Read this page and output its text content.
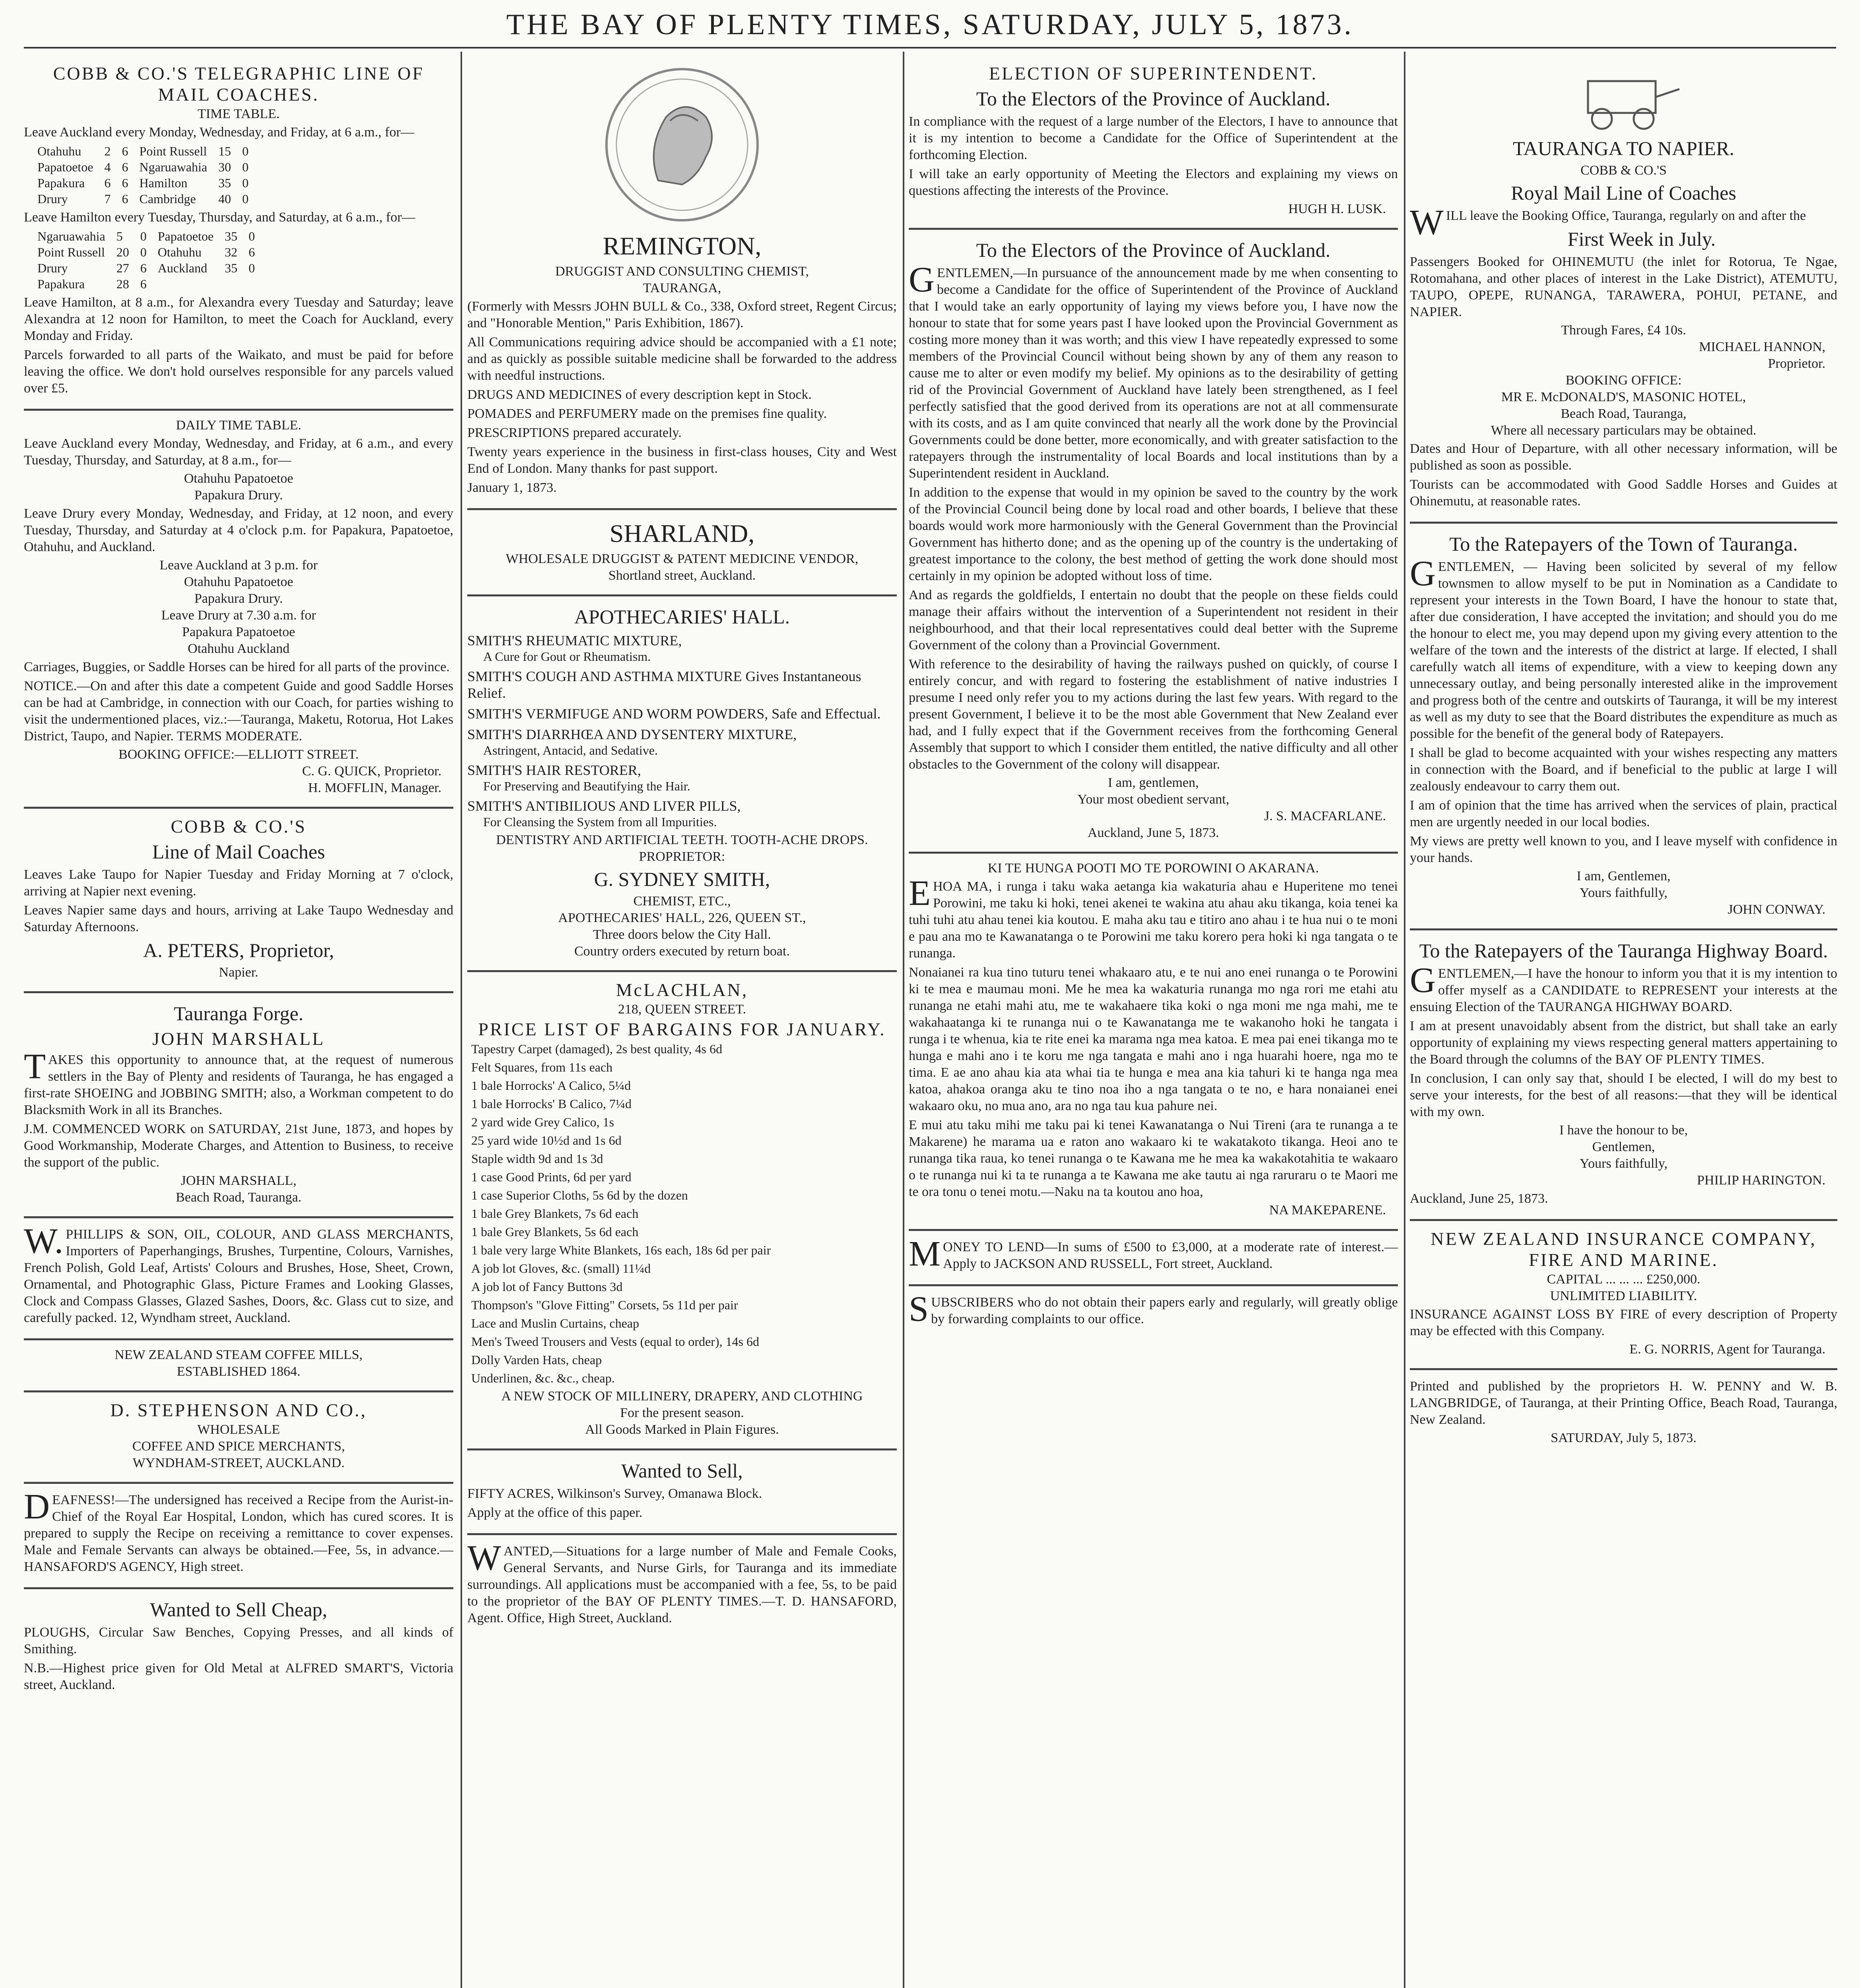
THE BAY OF PLENTY TIMES, SATURDAY, JULY 5, 1873.
COBB & CO.'S TELEGRAPHIC LINE OF MAIL COACHES.
TIME TABLE.

Leave Auckland every Monday, Wednesday, and Friday, at 6 a.m., for—

Otahuhu	2	6	Point Russell	15	0
Papatoetoe	4	6	Ngaruawahia	30	0
Papakura	6	6	Hamilton	35	0
Drury	7	6	Cambridge	40	0

Leave Hamilton every Tuesday, Thursday, and Saturday, at 6 a.m., for—

Ngaruawahia	5	0	Papatoetoe	35	0
Point Russell	20	0	Otahuhu	32	6
Drury	27	6	Auckland	35	0
Papakura	28	6			

Leave Hamilton, at 8 a.m., for Alexandra every Tuesday and Saturday; leave Alexandra at 12 noon for Hamilton, to meet the Coach for Auckland, every Monday and Friday.

Parcels forwarded to all parts of the Waikato, and must be paid for before leaving the office. We don't hold ourselves responsible for any parcels valued over £5.

DAILY TIME TABLE.

Leave Auckland every Monday, Wednesday, and Friday, at 6 a.m., and every Tuesday, Thursday, and Saturday, at 8 a.m., for—

Otahuhu Papatoetoe
Papakura Drury.

Leave Drury every Monday, Wednesday, and Friday, at 12 noon, and every Tuesday, Thursday, and Saturday at 4 o'clock p.m. for Papakura, Papatoetoe, Otahuhu, and Auckland.

Leave Auckland at 3 p.m. for
Otahuhu Papatoetoe
Papakura Drury.
Leave Drury at 7.30 a.m. for
Papakura Papatoetoe
Otahuhu Auckland

Carriages, Buggies, or Saddle Horses can be hired for all parts of the province.

NOTICE.—On and after this date a competent Guide and good Saddle Horses can be had at Cambridge, in connection with our Coach, for parties wishing to visit the undermentioned places, viz.:—Tauranga, Maketu, Rotorua, Hot Lakes District, Taupo, and Napier. TERMS MODERATE.

BOOKING OFFICE:—ELLIOTT STREET.
C. G. QUICK, Proprietor.
H. MOFFLIN, Manager.
COBB & CO.'S
Line of Mail Coaches

Leaves Lake Taupo for Napier Tuesday and Friday Morning at 7 o'clock, arriving at Napier next evening.

Leaves Napier same days and hours, arriving at Lake Taupo Wednesday and Saturday Afternoons.

A. PETERS, Proprietor,
Napier.
Tauranga Forge.
JOHN MARSHALL

TAKES this opportunity to announce that, at the request of numerous settlers in the Bay of Plenty and residents of Tauranga, he has engaged a first-rate SHOEING and JOBBING SMITH; also, a Workman competent to do Blacksmith Work in all its Branches.

J.M. COMMENCED WORK on SATURDAY, 21st June, 1873, and hopes by Good Workmanship, Moderate Charges, and Attention to Business, to receive the support of the public.

JOHN MARSHALL,
Beach Road, Tauranga.

W.PHILLIPS & SON, OIL, COLOUR, AND GLASS MERCHANTS, Importers of Paperhangings, Brushes, Turpentine, Colours, Varnishes, French Polish, Gold Leaf, Artists' Colours and Brushes, Hose, Sheet, Crown, Ornamental, and Photographic Glass, Picture Frames and Looking Glasses, Clock and Compass Glasses, Glazed Sashes, Doors, &c. Glass cut to size, and carefully packed. 12, Wyndham street, Auckland.

NEW ZEALAND STEAM COFFEE MILLS,
ESTABLISHED 1864.
D. STEPHENSON AND CO.,
WHOLESALE
COFFEE AND SPICE MERCHANTS,
WYNDHAM-STREET, AUCKLAND.

DEAFNESS!—The undersigned has received a Recipe from the Aurist-in-Chief of the Royal Ear Hospital, London, which has cured scores. It is prepared to supply the Recipe on receiving a remittance to cover expenses. Male and Female Servants can always be obtained.—Fee, 5s, in advance.—HANSAFORD'S AGENCY, High street.

Wanted to Sell Cheap,

PLOUGHS, Circular Saw Benches, Copying Presses, and all kinds of Smithing.

N.B.—Highest price given for Old Metal at ALFRED SMART'S, Victoria street, Auckland.

REMINGTON,
DRUGGIST AND CONSULTING CHEMIST,
TAURANGA,

(Formerly with Messrs JOHN BULL & Co., 338, Oxford street, Regent Circus; and "Honorable Mention," Paris Exhibition, 1867).

All Communications requiring advice should be accompanied with a £1 note; and as quickly as possible suitable medicine shall be forwarded to the address with needful instructions.

DRUGS AND MEDICINES of every description kept in Stock.

POMADES and PERFUMERY made on the premises fine quality.

PRESCRIPTIONS prepared accurately.

Twenty years experience in the business in first-class houses, City and West End of London. Many thanks for past support.

January 1, 1873.

SHARLAND,
WHOLESALE DRUGGIST & PATENT MEDICINE VENDOR,
Shortland street, Auckland.
APOTHECARIES' HALL.
SMITH'S RHEUMATIC MIXTURE,
A Cure for Gout or Rheumatism.
SMITH'S COUGH AND ASTHMA MIXTURE Gives Instantaneous Relief.
SMITH'S VERMIFUGE AND WORM POWDERS, Safe and Effectual.
SMITH'S DIARRHŒA AND DYSENTERY MIXTURE,
Astringent, Antacid, and Sedative.
SMITH'S HAIR RESTORER,
For Preserving and Beautifying the Hair.
SMITH'S ANTIBILIOUS AND LIVER PILLS,
For Cleansing the System from all Impurities.
DENTISTRY AND ARTIFICIAL TEETH. TOOTH-ACHE DROPS.
PROPRIETOR:
G. SYDNEY SMITH,
CHEMIST, ETC.,
APOTHECARIES' HALL, 226, QUEEN ST.,
Three doors below the City Hall.
Country orders executed by return boat.
McLACHLAN,
218, QUEEN STREET.
PRICE LIST OF BARGAINS FOR JANUARY.
Tapestry Carpet (damaged), 2s best quality, 4s 6d
Felt Squares, from 11s each
1 bale Horrocks' A Calico, 5¼d
1 bale Horrocks' B Calico, 7¼d
2 yard wide Grey Calico, 1s
25 yard wide 10½d and 1s 6d
Staple width 9d and 1s 3d
1 case Good Prints, 6d per yard
1 case Superior Cloths, 5s 6d by the dozen
1 bale Grey Blankets, 7s 6d each
1 bale Grey Blankets, 5s 6d each
1 bale very large White Blankets, 16s each, 18s 6d per pair
A job lot Gloves, &c. (small) 11¼d
A job lot of Fancy Buttons 3d
Thompson's "Glove Fitting" Corsets, 5s 11d per pair
Lace and Muslin Curtains, cheap
Men's Tweed Trousers and Vests (equal to order), 14s 6d
Dolly Varden Hats, cheap
Underlinen, &c. &c., cheap.
A NEW STOCK OF MILLINERY, DRAPERY, AND CLOTHING
For the present season.
All Goods Marked in Plain Figures.
Wanted to Sell,

FIFTY ACRES, Wilkinson's Survey, Omanawa Block.

Apply at the office of this paper.

WANTED,—Situations for a large number of Male and Female Cooks, General Servants, and Nurse Girls, for Tauranga and its immediate surroundings. All applications must be accompanied with a fee, 5s, to be paid to the proprietor of the BAY OF PLENTY TIMES.—T. D. HANSAFORD, Agent. Office, High Street, Auckland.

ELECTION OF SUPERINTENDENT.
To the Electors of the Province of Auckland.

In compliance with the request of a large number of the Electors, I have to announce that it is my intention to become a Candidate for the Office of Superintendent at the forthcoming Election.

I will take an early opportunity of Meeting the Electors and explaining my views on questions affecting the interests of the Province.

HUGH H. LUSK.
To the Electors of the Province of Auckland.

GENTLEMEN,—In pursuance of the announcement made by me when consenting to become a Candidate for the office of Superintendent of the Province of Auckland that I would take an early opportunity of laying my views before you, I have now the honour to state that for some years past I have looked upon the Provincial Government as costing more money than it was worth; and this view I have repeatedly expressed to some members of the Provincial Council without being shown by any of them any reason to cause me to alter or even modify my belief. My opinions as to the desirability of getting rid of the Provincial Government of Auckland have lately been strengthened, as I feel perfectly satisfied that the good derived from its operations are not at all commensurate with its costs, and as I am quite convinced that nearly all the work done by the Provincial Governments could be done better, more economically, and with greater satisfaction to the ratepayers through the instrumentality of local Boards and local institutions than by a Superintendent resident in Auckland.

In addition to the expense that would in my opinion be saved to the country by the work of the Provincial Council being done by local road and other boards, I believe that these boards would work more harmoniously with the General Government than the Provincial Government has hitherto done; and as the opening up of the country is the undertaking of greatest importance to the colony, the best method of getting the work done should most certainly in my opinion be adopted without loss of time.

And as regards the goldfields, I entertain no doubt that the people on these fields could manage their affairs without the intervention of a Superintendent not resident in their neighbourhood, and that their local representatives could deal better with the Supreme Government of the colony than a Provincial Government.

With reference to the desirability of having the railways pushed on quickly, of course I entirely concur, and with regard to fostering the establishment of native industries I presume I need only refer you to my actions during the last few years. With regard to the present Government, I believe it to be the most able Government that New Zealand ever had, and I fully expect that if the Government receives from the forthcoming General Assembly that support to which I consider them entitled, the native difficulty and all other obstacles to the Government of the colony will disappear.

I am, gentlemen,
Your most obedient servant,
J. S. MACFARLANE.
Auckland, June 5, 1873.
KI TE HUNGA POOTI MO TE POROWINI O AKARANA.

EHOA MA, i runga i taku waka aetanga kia wakaturia ahau e Huperitene mo tenei Porowini, me taku ki hoki, tenei akenei te wakina atu ahau aku tikanga, koia tenei ka tuhi tuhi atu ahau tenei kia koutou. E maha aku tau e titiro ano ahau i te hua nui o te moni e pau ana mo te Kawanatanga o te Porowini me taku korero pera hoki ki nga tangata o te runanga.

Nonaianei ra kua tino tuturu tenei whakaaro atu, e te nui ano enei runanga o te Porowini ki te mea e maumau moni. Me he mea ka wakaturia runanga mo nga rori me etahi atu runanga ne etahi mahi atu, me te wakahaere tika koki o nga moni me nga mahi, me te wakahaatanga ki te runanga nui o te Kawanatanga me te wakanoho hoki he tangata i runga i te whenua, kia te rite enei ka marama nga mea katoa. E mea pai enei tikanga mo te hunga e mahi ano i te koru me nga tangata e mahi ano i nga huarahi hoere, nga mo te tima. E ae ano ahau kia ata whai tia te hunga e mea ana kia tahuri ki te hanga nga mea katoa, ahakoa oranga aku te tino noa iho a nga tangata o te no, e hara nonaianei enei wakaaro oku, no mua ano, ara no nga tau kua pahure nei.

E mui atu taku mihi me taku pai ki tenei Kawanatanga o Nui Tireni (ara te runanga a te Makarene) he marama ua e raton ano wakaaro ki te wakatakoto tikanga. Heoi ano te runanga tika raua, ko tenei runanga o te Kawana me he mea ka wakakotahitia te wakaaro o te runanga nui ki ta te runanga a te Kawana me ake tautu ai nga raruraru o te Maori me te ora tonu o tenei motu.—Naku na ta koutou ano hoa,

NA MAKEPARENE.

MONEY TO LEND—In sums of £500 to £3,000, at a moderate rate of interest.—Apply to JACKSON AND RUSSELL, Fort street, Auckland.

SUBSCRIBERS who do not obtain their papers early and regularly, will greatly oblige by forwarding complaints to our office.

TAURANGA TO NAPIER.
COBB & CO.'S
Royal Mail Line of Coaches

WILL leave the Booking Office, Tauranga, regularly on and after the

First Week in July.

Passengers Booked for OHINEMUTU (the inlet for Rotorua, Te Ngae, Rotomahana, and other places of interest in the Lake District), ATEMUTU, TAUPO, OPEPE, RUNANGA, TARAWERA, POHUI, PETANE, and NAPIER.

Through Fares, £4 10s.
MICHAEL HANNON,
Proprietor.
BOOKING OFFICE:
MR E. McDONALD'S, MASONIC HOTEL,
Beach Road, Tauranga,
Where all necessary particulars may be obtained.

Dates and Hour of Departure, with all other necessary information, will be published as soon as possible.

Tourists can be accommodated with Good Saddle Horses and Guides at Ohinemutu, at reasonable rates.

To the Ratepayers of the Town of Tauranga.

GENTLEMEN, — Having been solicited by several of my fellow townsmen to allow myself to be put in Nomination as a Candidate to represent your interests in the Town Board, I have the honour to state that, after due consideration, I have accepted the invitation; and should you do me the honour to elect me, you may depend upon my giving every attention to the welfare of the town and the interests of the district at large. If elected, I shall carefully watch all items of expenditure, with a view to keeping down any unnecessary outlay, and being personally interested alike in the improvement and progress both of the centre and outskirts of Tauranga, it will be my interest as well as my duty to see that the Board distributes the expenditure as much as possible for the benefit of the general body of Ratepayers.

I shall be glad to become acquainted with your wishes respecting any matters in connection with the Board, and if beneficial to the public at large I will zealously endeavour to carry them out.

I am of opinion that the time has arrived when the services of plain, practical men are urgently needed in our local bodies.

My views are pretty well known to you, and I leave myself with confidence in your hands.

I am, Gentlemen,
Yours faithfully,
JOHN CONWAY.
To the Ratepayers of the Tauranga Highway Board.

GENTLEMEN,—I have the honour to inform you that it is my intention to offer myself as a CANDIDATE to REPRESENT your interests at the ensuing Election of the TAURANGA HIGHWAY BOARD.

I am at present unavoidably absent from the district, but shall take an early opportunity of explaining my views respecting general matters appertaining to the Board through the columns of the BAY OF PLENTY TIMES.

In conclusion, I can only say that, should I be elected, I will do my best to serve your interests, for the best of all reasons:—that they will be identical with my own.

I have the honour to be,
Gentlemen,
Yours faithfully,
PHILIP HARINGTON.

Auckland, June 25, 1873.

NEW ZEALAND INSURANCE COMPANY, FIRE AND MARINE.
CAPITAL ... ... ... £250,000.
UNLIMITED LIABILITY.

INSURANCE AGAINST LOSS BY FIRE of every description of Property may be effected with this Company.

E. G. NORRIS, Agent for Tauranga.

Printed and published by the proprietors H. W. PENNY and W. B. LANGBRIDGE, of Tauranga, at their Printing Office, Beach Road, Tauranga, New Zealand.

SATURDAY, July 5, 1873.
